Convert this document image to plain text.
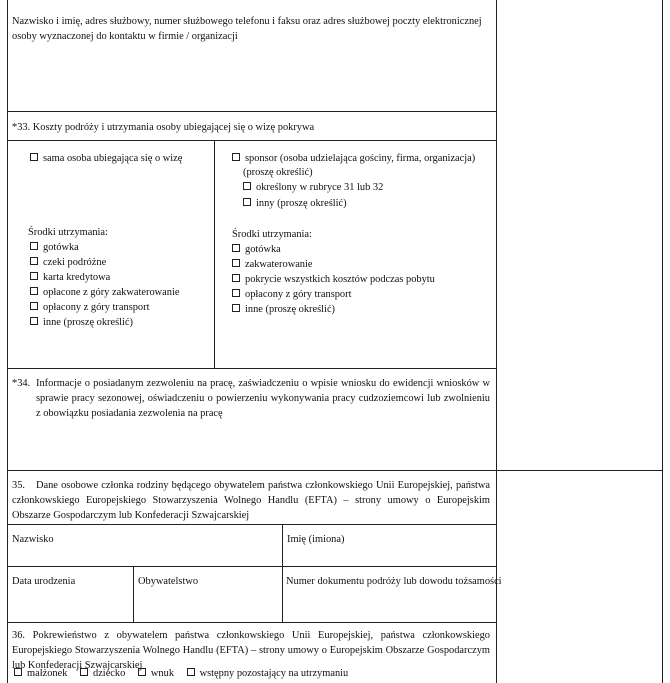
Nazwisko i imię, adres służbowy, numer służbowego telefonu i faksu oraz adres służbowej poczty elektronicznej osoby wyznaczonej do kontaktu w firmie / organizacji
*33. Koszty podróży i utrzymania osoby ubiegającej się o wizę pokrywa
sama osoba ubiegająca się o wizę
Środki utrzymania:
gotówka
czeki podróżne
karta kredytowa
opłacone z góry zakwaterowanie
opłacony z góry transport
inne (proszę określić)
sponsor (osoba udzielająca gościny, firma, organizacja)
(proszę określić)
określony w rubryce 31 lub 32
inny (proszę określić)
Środki utrzymania:
gotówka
zakwaterowanie
pokrycie wszystkich kosztów podczas pobytu
opłacony z góry transport
inne (proszę określić)
*34. Informacje o posiadanym zezwoleniu na pracę, zaświadczeniu o wpisie wniosku do ewidencji wniosków w sprawie pracy sezonowej, oświadczeniu o powierzeniu wykonywania pracy cudzoziemcowi lub zwolnieniu z obowiązku posiadania zezwolenia na pracę
35.	Dane osobowe członka rodziny będącego obywatelem państwa członkowskiego Unii Europejskiej, państwa członkowskiego Europejskiego Stowarzyszenia Wolnego Handlu (EFTA) – strony umowy o Europejskim Obszarze Gospodarczym lub Konfederacji Szwajcarskiej
Nazwisko	Imię (imiona)
Data urodzenia	Obywatelstwo	Numer dokumentu podróży lub dowodu tożsamości
36. Pokrewieństwo z obywatelem państwa członkowskiego Unii Europejskiej, państwa członkowskiego Europejskiego Stowarzyszenia Wolnego Handlu (EFTA) – strony umowy o Europejskim Obszarze Gospodarczym lub Konfederacji Szwajcarskiej
małżonek dziecko wnuk wstępny pozostający na utrzymaniu
